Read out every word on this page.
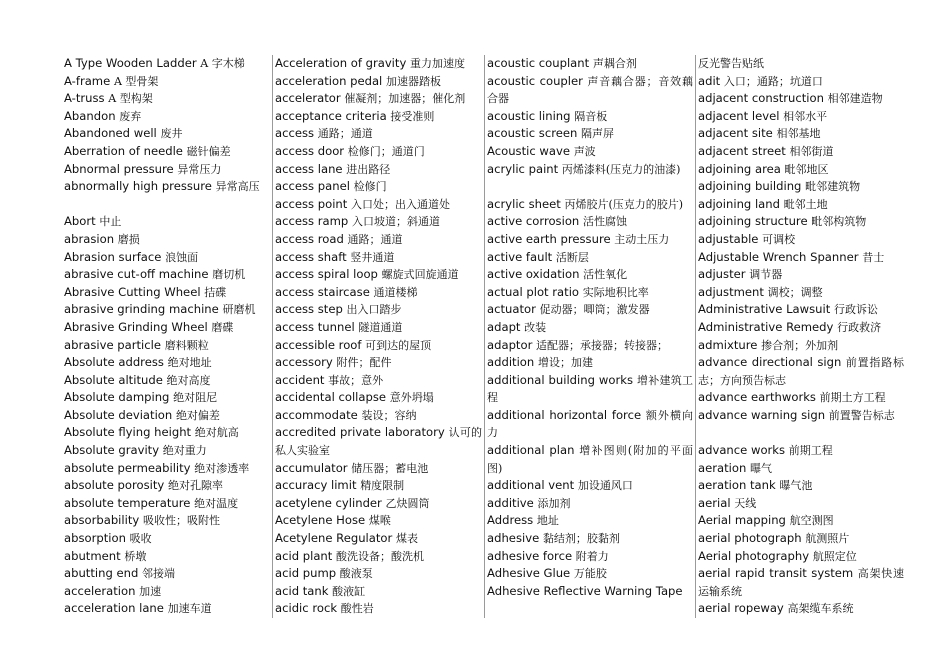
A Type Wooden Ladder A 字木梯

A-frame A 型骨架

A-truss A 型构架

Abandon 废弃

Abandoned well 废井

Aberration of needle 磁针偏差

Abnormal pressure 异常压力

abnormally high pressure 异常高压

Abort 中止

abrasion 磨损

Abrasion surface 浪蚀面

abrasive cut-off machine 磨切机

Abrasive Cutting Wheel 拮碟

abrasive grinding machine 研磨机

Abrasive Grinding Wheel 磨碟

abrasive particle 磨料颗粒

Absolute address 绝对地址

Absolute altitude 绝对高度

Absolute damping 绝对阻尼

Absolute deviation 绝对偏差

Absolute flying height 绝对航高

Absolute gravity 绝对重力

absolute permeability 绝对渗透率

absolute porosity 绝对孔隙率

absolute temperature 绝对温度

absorbability 吸收性；吸附性

absorption 吸收

abutment 桥墩

abutting end 邻接端

acceleration 加速

acceleration lane 加速车道

Acceleration of gravity 重力加速度

acceleration pedal 加速器踏板

accelerator 催凝剂；加速器；催化剂

acceptance criteria 接受准则

access 通路；通道

access door 检修门；通道门

access lane 进出路径

access panel 检修门

access point 入口处；出入通道处

access ramp 入口坡道；斜通道

access road 通路；通道

access shaft 竖井通道

access spiral loop 螺旋式回旋通道

access staircase 通道楼梯

access step 出入口踏步

access tunnel 隧道通道

accessible roof 可到达的屋顶

accessory 附件；配件

accident 事故；意外

accidental collapse 意外坍塌

accommodate 装设；容纳

accredited private laboratory 认可的私人实验室

accumulator 储压器；蓄电池

accuracy limit 精度限制

acetylene cylinder 乙炔圆筒

Acetylene Hose 煤喉

Acetylene Regulator 煤表

acid plant 酸洗设备；酸洗机

acid pump 酸液泵

acid tank 酸液缸

acidic rock 酸性岩

acoustic couplant 声耦合剂

acoustic coupler 声音藕合器；音效藕合器

acoustic lining 隔音板

acoustic screen 隔声屏

Acoustic wave 声波

acrylic paint 丙烯漆料(压克力的油漆)

acrylic sheet 丙烯胶片(压克力的胶片)

active corrosion 活性腐蚀

active earth pressure 主动土压力

active fault 活断层

active oxidation 活性氧化

actual plot ratio 实际地积比率

actuator 促动器；唧筒；激发器

adapt 改装

adaptor 适配器；承接器；转接器；

addition 增设；加建

additional building works 增补建筑工程

additional horizontal force 额外横向力

additional plan 增补图则(附加的平面图)

additional vent 加设通风口

additive 添加剂

Address 地址

adhesive 黏结剂；胶黏剂

adhesive force 附着力

Adhesive Glue 万能胶

Adhesive Reflective Warning Tape

反光警告贴纸

adit 入口；通路；坑道口

adjacent construction 相邻建造物

adjacent level 相邻水平

adjacent site 相邻基地

adjacent street 相邻街道

adjoining area 毗邻地区

adjoining building 毗邻建筑物

adjoining land 毗邻土地

adjoining structure 毗邻构筑物

adjustable 可调校

Adjustable Wrench Spanner 昔士

adjuster 调节器

adjustment 调校；调整

Administrative Lawsuit 行政诉讼

Administrative Remedy 行政救济

admixture 掺合剂；外加剂

advance directional sign 前置指路标志；方向预告标志

advance earthworks 前期土方工程

advance warning sign 前置警告标志

advance works 前期工程

aeration 曝气

aeration tank 曝气池

aerial 天线

Aerial mapping 航空测图

aerial photograph 航测照片

Aerial photography 航照定位

aerial rapid transit system 高架快速运输系统

aerial ropeway 高架缆车系统
